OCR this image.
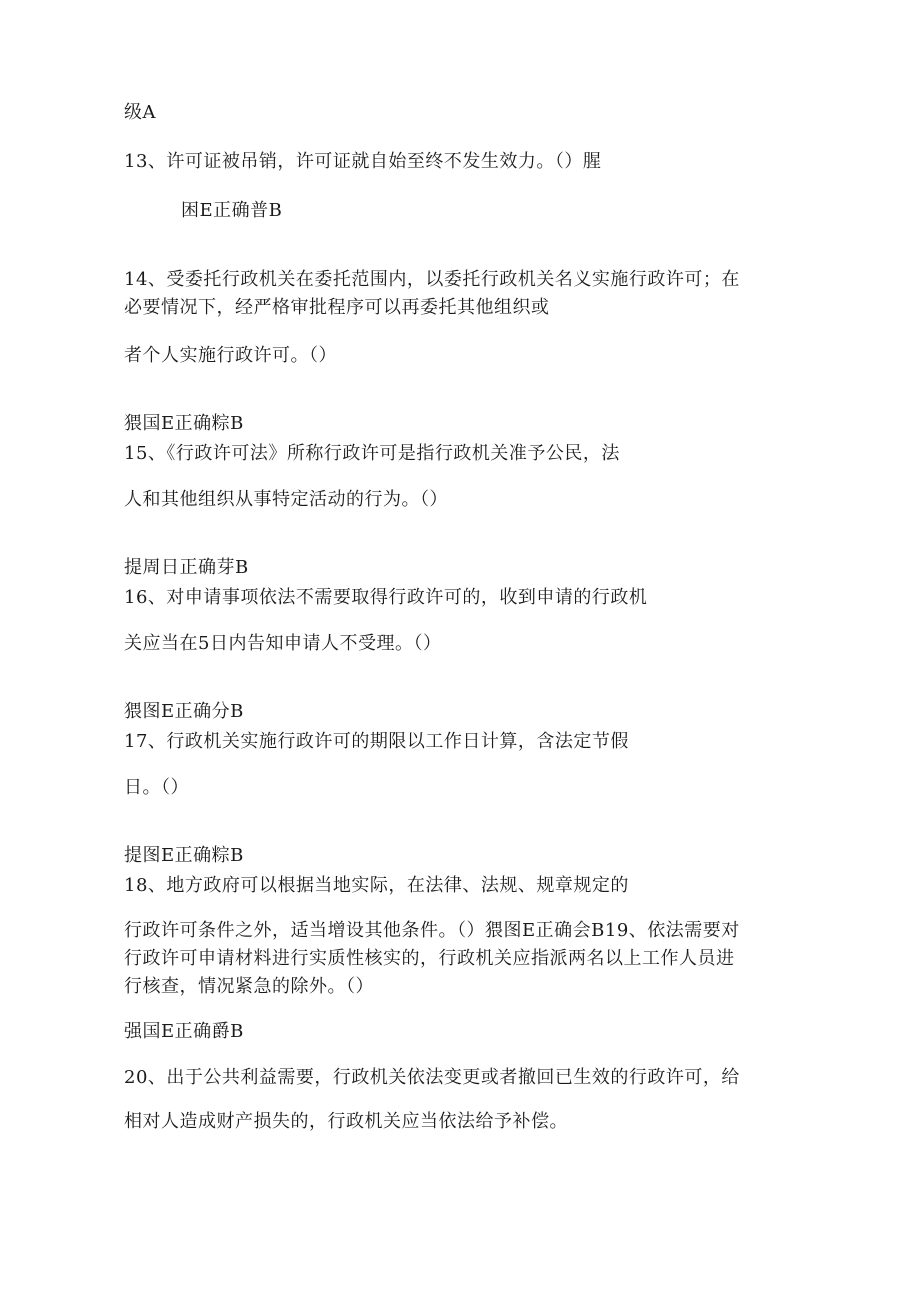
级A
13、许可证被吊销，许可证就自始至终不发生效力。（）腥
困E正确普B
14、受委托行政机关在委托范围内，以委托行政机关名义实施行政许可；在
必要情况下，经严格审批程序可以再委托其他组织或
者个人实施行政许可。（）
猥国E正确粽B
15、《行政许可法》所称行政许可是指行政机关准予公民，法
人和其他组织从事特定活动的行为。（）
提周日正确芽B
16、对申请事项依法不需要取得行政许可的，收到申请的行政机
关应当在5日内告知申请人不受理。（）
猥图E正确分B
17、行政机关实施行政许可的期限以工作日计算，含法定节假
日。（）
提图E正确粽B
18、地方政府可以根据当地实际，在法律、法规、规章规定的
行政许可条件之外，适当增设其他条件。（）猥图E正确会B19、依法需要对
行政许可申请材料进行实质性核实的，行政机关应指派两名以上工作人员进
行核查，情况紧急的除外。（）
强国E正确爵B
20、出于公共利益需要，行政机关依法变更或者撤回已生效的行政许可，给
相对人造成财产损失的，行政机关应当依法给予补偿。
